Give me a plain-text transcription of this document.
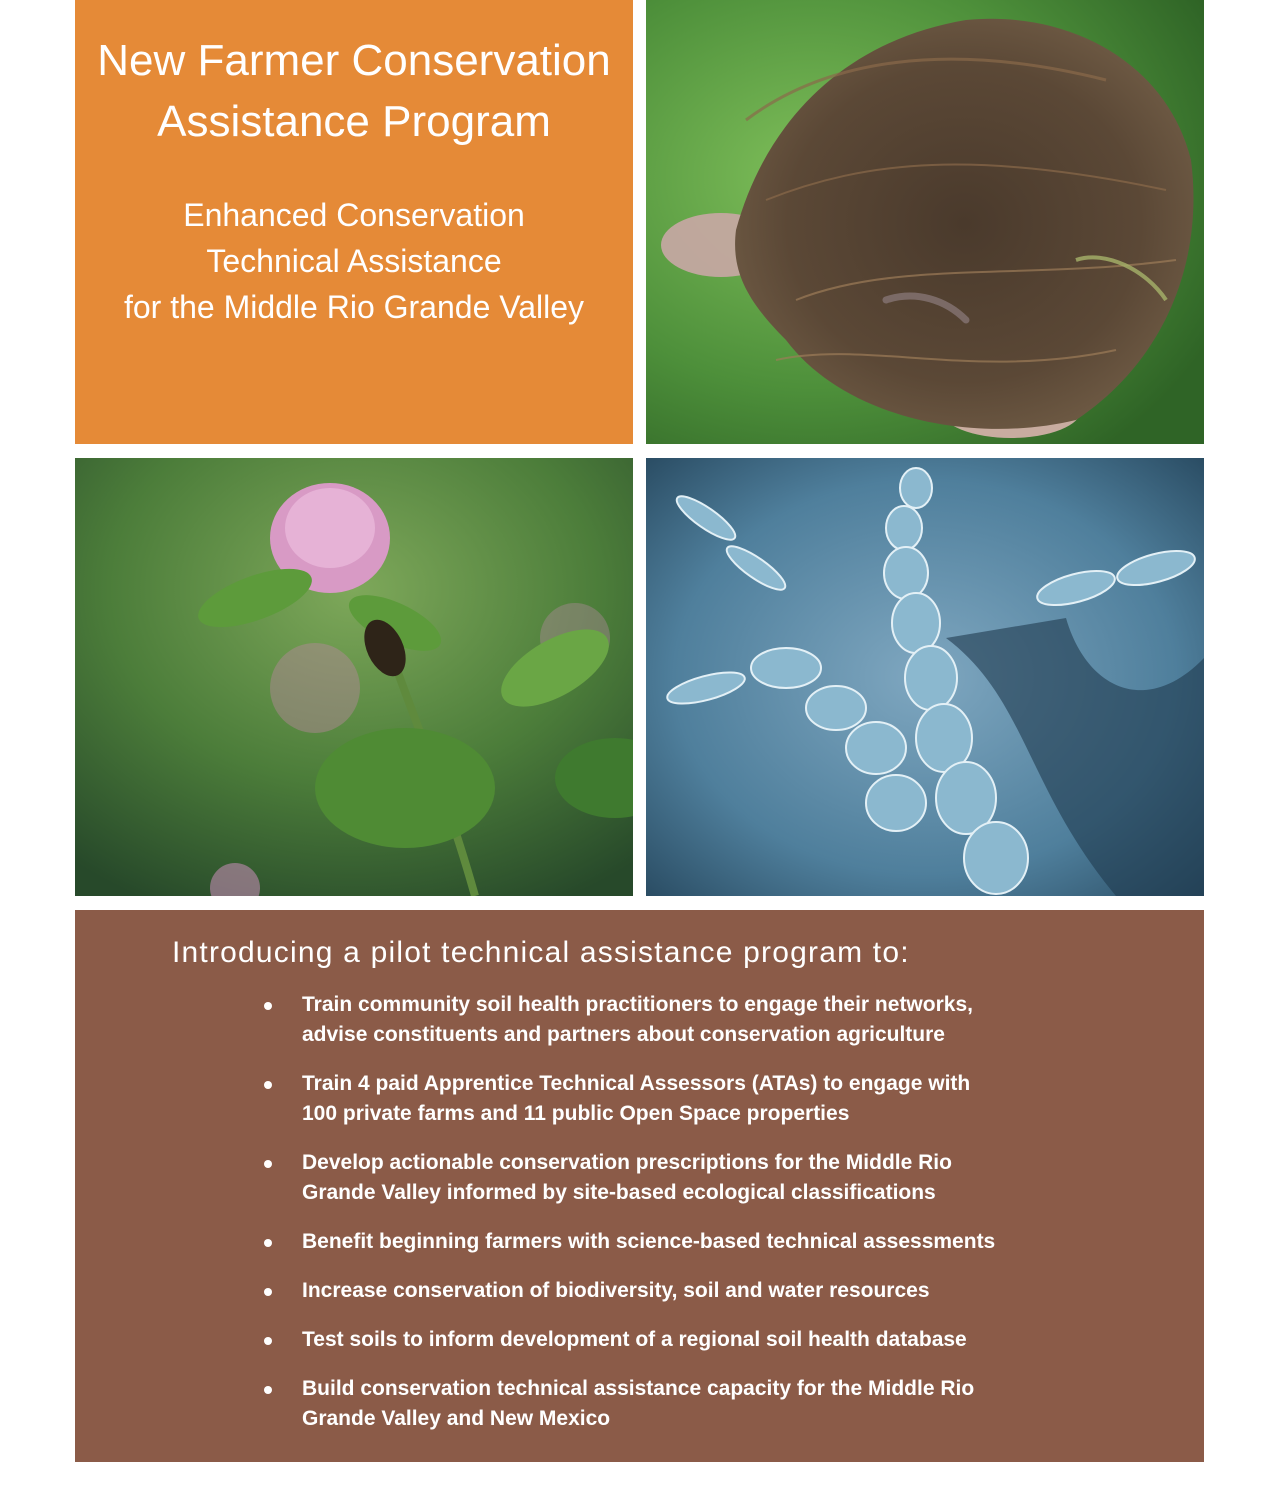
New Farmer Conservation
Assistance Program
Enhanced Conservation
Technical Assistance
for the Middle Rio Grande Valley
Introducing a pilot technical assistance program to:
Train community soil health practitioners to engage their networks,
advise constituents and partners about conservation agriculture
Train 4 paid Apprentice Technical Assessors (ATAs) to engage with
100 private farms and 11 public Open Space properties
Develop actionable conservation prescriptions for the Middle Rio
Grande Valley informed by site-based ecological classifications
Benefit beginning farmers with science-based technical assessments
Increase conservation of biodiversity, soil and water resources
Test soils to inform development of a regional soil health database
Build conservation technical assistance capacity for the Middle Rio
Grande Valley and New Mexico
